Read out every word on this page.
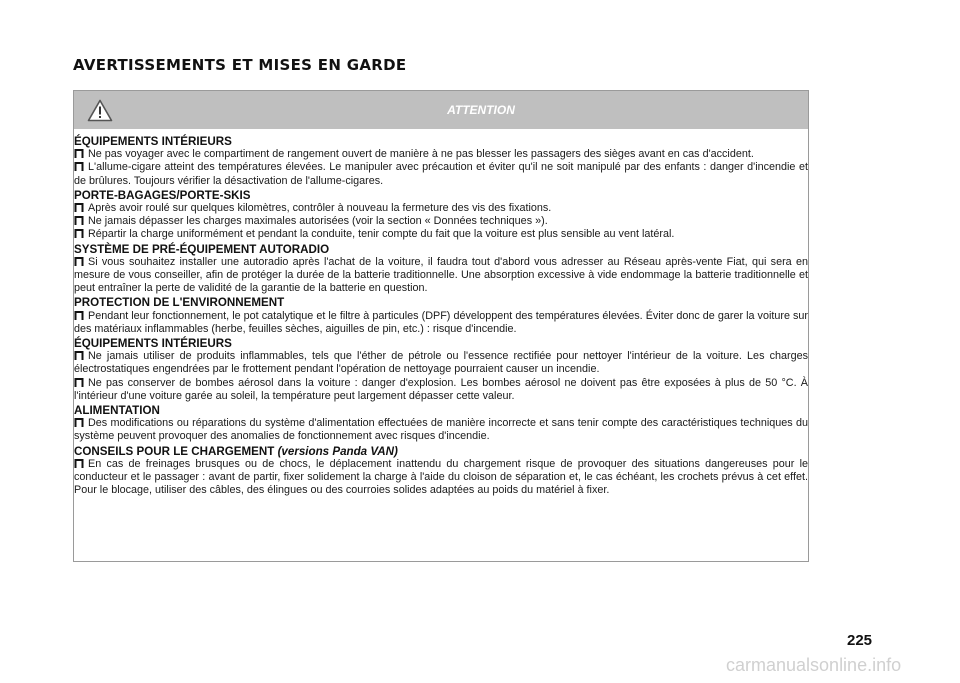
AVERTISSEMENTS ET MISES EN GARDE
ATTENTION
ÉQUIPEMENTS INTÉRIEURS

Ne pas voyager avec le compartiment de rangement ouvert de manière à ne pas blesser les passagers des sièges avant en cas d'accident.

L'allume-cigare atteint des températures élevées. Le manipuler avec précaution et éviter qu'il ne soit manipulé par des enfants : danger d'incendie et de brûlures. Toujours vérifier la désactivation de l'allume-cigares.

PORTE-BAGAGES/PORTE-SKIS

Après avoir roulé sur quelques kilomètres, contrôler à nouveau la fermeture des vis des fixations.

Ne jamais dépasser les charges maximales autorisées (voir la section « Données techniques »).

Répartir la charge uniformément et pendant la conduite, tenir compte du fait que la voiture est plus sensible au vent latéral.

SYSTÈME DE PRÉ-ÉQUIPEMENT AUTORADIO

Si vous souhaitez installer une autoradio après l'achat de la voiture, il faudra tout d'abord vous adresser au Réseau après-vente Fiat, qui sera en mesure de vous conseiller, afin de protéger la durée de la batterie traditionnelle. Une absorption excessive à vide endommage la batterie traditionnelle et peut entraîner la perte de validité de la garantie de la batterie en question.

PROTECTION DE L'ENVIRONNEMENT

Pendant leur fonctionnement, le pot catalytique et le filtre à particules (DPF) développent des températures élevées. Éviter donc de garer la voiture sur des matériaux inflammables (herbe, feuilles sèches, aiguilles de pin, etc.) : risque d'incendie.

ÉQUIPEMENTS INTÉRIEURS

Ne jamais utiliser de produits inflammables, tels que l'éther de pétrole ou l'essence rectifiée pour nettoyer l'intérieur de la voiture. Les charges électrostatiques engendrées par le frottement pendant l'opération de nettoyage pourraient causer un incendie.

Ne pas conserver de bombes aérosol dans la voiture : danger d'explosion. Les bombes aérosol ne doivent pas être exposées à plus de 50 °C. À l'intérieur d'une voiture garée au soleil, la température peut largement dépasser cette valeur.

ALIMENTATION

Des modifications ou réparations du système d'alimentation effectuées de manière incorrecte et sans tenir compte des caractéristiques techniques du système peuvent provoquer des anomalies de fonctionnement avec risques d'incendie.

CONSEILS POUR LE CHARGEMENT (versions Panda VAN)

En cas de freinages brusques ou de chocs, le déplacement inattendu du chargement risque de provoquer des situations dangereuses pour le conducteur et le passager : avant de partir, fixer solidement la charge à l'aide du cloison de séparation et, le cas échéant, les crochets prévus à cet effet. Pour le blocage, utiliser des câbles, des élingues ou des courroies solides adaptées au poids du matériel à fixer.

225
carmanualsonline.info
